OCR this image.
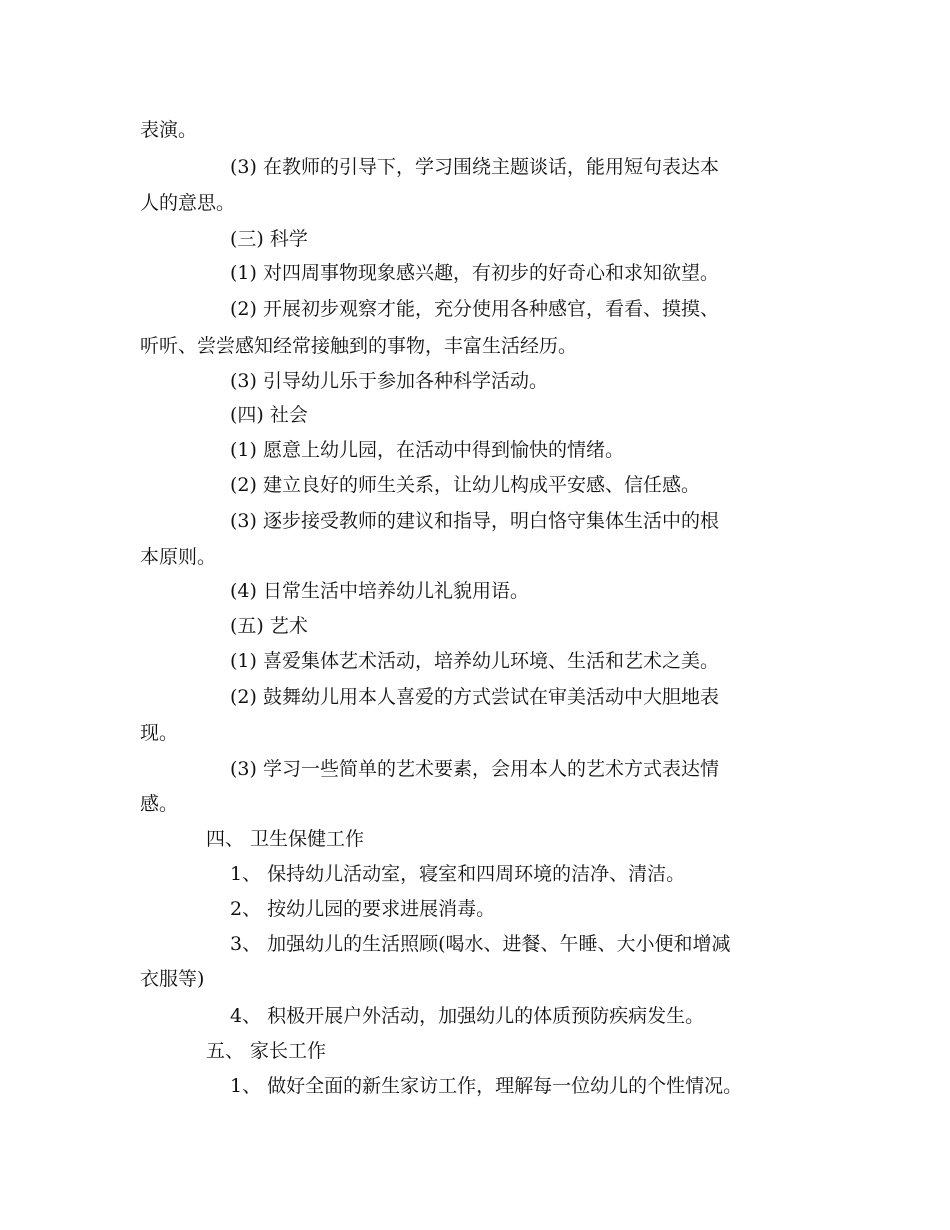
表演。
(3) 在教师的引导下，学习围绕主题谈话，能用短句表达本
人的意思。
(三) 科学
(1) 对四周事物现象感兴趣，有初步的好奇心和求知欲望。
(2) 开展初步观察才能，充分使用各种感官，看看、摸摸、
听听、尝尝感知经常接触到的事物，丰富生活经历。
(3) 引导幼儿乐于参加各种科学活动。
(四) 社会
(1) 愿意上幼儿园，在活动中得到愉快的情绪。
(2) 建立良好的师生关系，让幼儿构成平安感、信任感。
(3) 逐步接受教师的建议和指导，明白恪守集体生活中的根
本原则。
(4) 日常生活中培养幼儿礼貌用语。
(五) 艺术
(1) 喜爱集体艺术活动，培养幼儿环境、生活和艺术之美。
(2) 鼓舞幼儿用本人喜爱的方式尝试在审美活动中大胆地表
现。
(3) 学习一些简单的艺术要素，会用本人的艺术方式表达情
感。
四、 卫生保健工作
1、 保持幼儿活动室，寝室和四周环境的洁净、清洁。
2、 按幼儿园的要求进展消毒。
3、 加强幼儿的生活照顾(喝水、进餐、午睡、大小便和增减
衣服等)
4、 积极开展户外活动，加强幼儿的体质预防疾病发生。
五、 家长工作
1、 做好全面的新生家访工作，理解每一位幼儿的个性情况。
